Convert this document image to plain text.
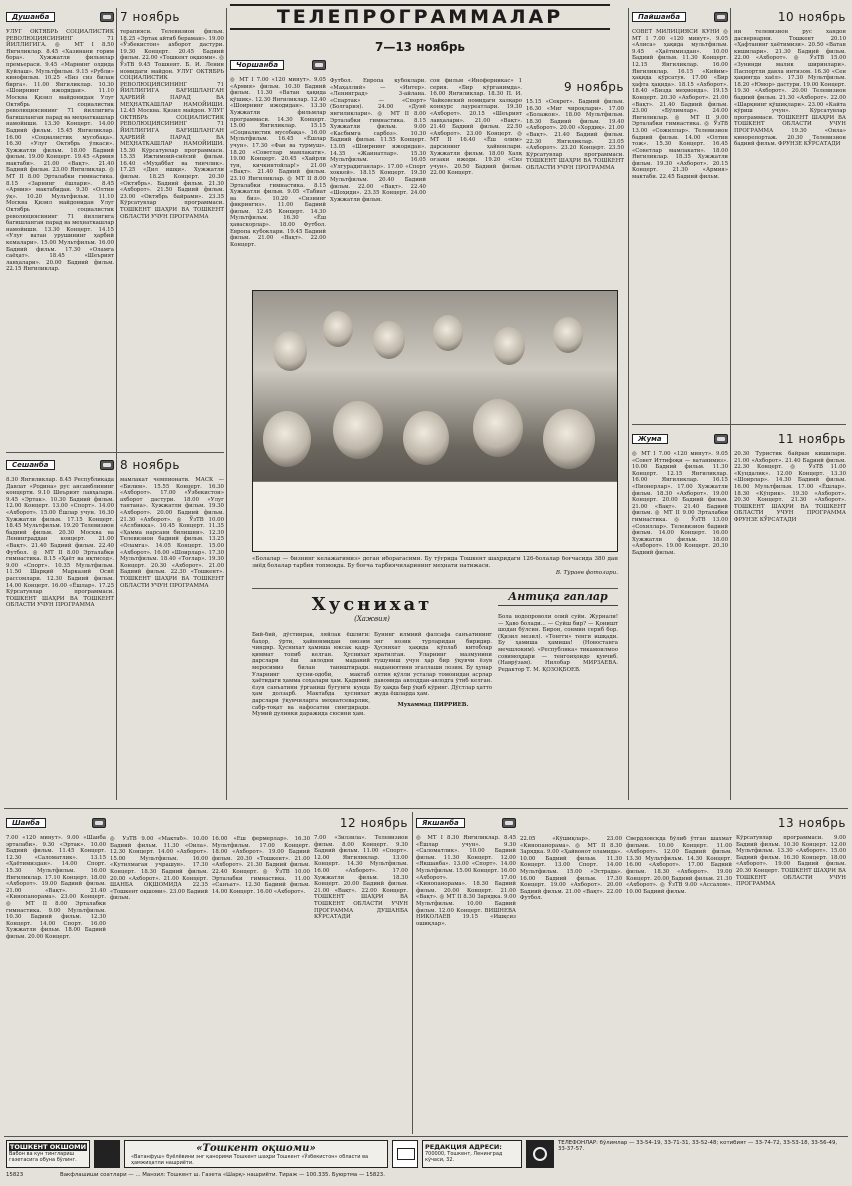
ТЕЛЕПРОГРАММАЛАР
7—13 ноябрь
Душанба
УЛУГ ОКТЯБРЬ СОЦИАЛИСТИК РЕВОЛЮЦИЯСИНИНГ 71 ЙИЛЛИГИГА. ◎ МТ I 8.50 Янгиликлар. 8.45 «Хазинани горим бора». Хужжатли фильмлар премьераси. 9.45 «Марнинг олдида Куйлаш». Мультфильм. 9.15 «Рубли» кинофильм. 10.25 «Биз сиз билан бирга». 11.00 Янгиликлар. 10.30 «Шоирнинг ижодидан». 11.10 Москва Қизил майдонидан Улуг Октябрь социалистик революциясининг 71 йиллигига багишланган парад ва меҳнаткашлар намойиши. 13.30 Концерт. 14.00 Бадиий фильм. 15.45 Янгиликлар. 16.00 «Социалистик мусобақа». 16.30 «Улуг Октябрь ўлкаси». Хужжатли фильм. 18.00 Бадиий фильм. 19.00 Концерт. 19.45 «Армия мактаби». 21.00 «Вақт». 21.40 Бадиий фильм. 23.00 Янгиликлар. ◎ МТ II 8.00 Эрталабки гимнастика. 8.15 «Зарнинг ёшлари». 8.45 «Армия» мактабидан. 9.30 «Олтин ўқ». 10.20 Мультфильм. 11.10 Москва Қизил майдонидан Улуг Октябрь социалистик революциясининг 71 йиллигига багишланган парад ва меҳнаткашлар намойиши. 13.30 Концерт. 14.15 «Улуғ ватан урушининг ҳарбий кемалари». 15.00 Мультфильм. 16.00 Бадиий фильм. 17.30 «Оламга саёҳат». 18.45 «Шеърият лавҳалари». 20.00 Бадиий фильм. 22.15 Янгиликлар.
7 ноябрь
терапияси. Телевизион фильм. 18.25 «Эртак айтиб бераман». 19.00 «Ўзбекистон» ахборот дастури. 19.30 Концерт. 20.45 Бадиий фильм. 22.00 «Тошкент оқшоми». ◎ ЎзТВ 9.45 Тошкент. Б. И. Ленин номидаги майдон. УЛУГ ОКТЯБРЬ СОЦИАЛИСТИК РЕВОЛЮЦИЯСИНИНГ 71 ЙИЛЛИГИГА БАҒИШЛАНГАН ҲАРБИЙ ПАРАД ВА МЕҲНАТКАШЛАР НАМОЙИШИ. 12.45 Москва. Қизил майдон. УЛУГ ОКТЯБРЬ СОЦИАЛИСТИК РЕВОЛЮЦИЯСИНИНГ 71 ЙИЛЛИГИГА БАҒИШЛАНГАН ҲАРБИЙ ПАРАД ВА МЕҲНАТКАШЛАР НАМОЙИШИ. 15.30 Кўрсатувлар программаси. 15.35 Ижтимоий-сиёсий фильм. 16.40 «Муҳаббат ва тинчлик». 17.25 «Дил ишқи». Хужжатли фильм. 18.25 Концерт. 20.30 «Октябрь». Бадиий фильм. 21.30 «Ахборот». 21.50 Бадиий фильм. 23.00 «Октябрь байрами». 23.35 Кўрсатувлар программаси. ТОШКЕНТ ШАҲРИ ВА ТОШКЕНТ ОБЛАСТИ УЧУН ПРОГРАММА
Сешанба
8.30 Янгиликлар. 8.45 Республикада Давлат «Родина» рус ансамблининг концерти. 9.10 Шеърият лавҳалари. 9.45 «Эртак». 10.30 Бадиий фильм. 12.00 Концерт. 13.00 «Спорт». 14.00 «Ахборот». 15.00 Ёшлар учун. 16.30 Хужжатли фильм. 17.15 Концерт. 18.45 Мультфильм. 19.20 Телевизион бадиий фильм. 20.30 Москва ва Ленинграддан концерт. 21.00 «Вақт». 21.40 Бадиий фильм. 22.40 Футбол. ◎ МТ II 8.00 Эрталабки гимнастика. 8.15 «Ҳаёт ва иқтисод». 9.00 «Спорт». 10.35 Мультфильм. 11.50 Шарқий Марказий Осиё рассомлари. 12.30 Бадиий фильм. 14.00 Концерт. 16.00 «Ёшлар». 17.25 Кўрсатувлар программаси. ТОШКЕНТ ШАҲРИ ВА ТОШКЕНТ ОБЛАСТИ УЧУН ПРОГРАММА
8 ноябрь
мамлакат чемпионати. МАСК — «Билим». 15.55 Концерт. 16.30 «Ахборот». 17.00 «Ўзбекистон» ахборот дастури. 18.00 «Улуг тантана». Хужжатли фильм. 19.30 «Ахборот». 20.00 Бадиий фильм. 21.30 «Ахборот». ◎ ЎзТВ 10.00 «Аслбикка». 10.45 Концерт. 11.35 «Ҳамма нарсани билишни». 12.30 Телевизион бадиий фильм. 13.25 «Оламга». 14.05 Концерт. 15.00 «Ахборот». 16.00 «Шоирлар». 17.30 Мультфильм. 18.40 «Тоғлар». 19.30 Концерт. 20.30 «Ахборот». 21.00 Бадиий фильм. 22.30 «Тошкент». ТОШКЕНТ ШАҲРИ ВА ТОШКЕНТ ОБЛАСТИ УЧУН ПРОГРАММА
Чоршанба
◎ МТ I 7.00 «120 минут». 9.05 «Армия» фильм. 10.30 Бадиий фильм. 11.30 «Ватан ҳақида қўшиқ». 12.30 Янгиликлар. 12.40 «Шоирнинг ижодидан». 13.30 Хужжатли фильмлар программаси. 14.30 Концерт. 15.00 Янгиликлар. 15.15 «Социалистик мусобақа». 16.00 Мультфильм. 16.45 «Ёшлар учун». 17.30 «Фан ва турмуш». 18.20 «Советлар мамлакати». 19.00 Концерт. 20.45 «Хайрли тун, кичкинтойлар!» 21.00 «Вақт». 21.40 Бадиий фильм. 23.10 Янгиликлар. ◎ МТ II 8.00 Эрталабки гимнастика. 8.15 Хужжатли фильм. 9.05 «Табиат ва биз». 10.20 «Сизнинг фикрингиз». 11.00 Бадиий фильм. 12.45 Концерт. 14.30 Мультфильм. 16.30 «Ёш ҳаваскорлар». 18.00 Футбол. Европа кубоклари. 19.45 Бадиий фильм. 21.00 «Вақт». 22.00 Концерт.
Футбол. Европа кубоклари. «Маҳаллий» — «Интер». «Ленинград» 3-айлана. «Спартак» — «Спорт» (Болгария). 24.00 «Дунё янгиликлари». ◎ МТ II 8.00 Эрталабки гимнастика. 8.15 Хужжатли фильм. 9.00 «Касбимга сарбоз». 10.30 Бадиий фильм. 11.55 Концерт. 13.05 «Шоирнинг ижодидан». 14.35 «Жаннатлар». 15.30 Мультфильм. 16.05 «Улгурадиганлар». 17.00 «Спорт хоккей». 18.15 Концерт. 19.30 Мультфильм. 20.40 Бадиий фильм. 22.00 «Вақт». 22.40 «Шоҳиди». 23.35 Концерт. 24.00 Хужжатли фильм.
сон фильм «Иноферникас» 1 серия. «Бир кўрганимда». 16.00 Янгиликлар. 18.30 П. И. Чайковский номидаги халқаро конкурс лауреатлари. 19.30 «Ахборот». 20.15 «Шеърият лавҳалари». 21.00 «Вақт». 21.40 Бадиий фильм. 22.50 «Ахборот». 23.00 Концерт. ◎ МТ II 16.40 «Ёш олим» дарсининг ҳайвонлари. Хужжатли фильм. 18.00 Халқ оғзаки ижоди. 19.20 «Сиз учун». 20.50 Бадиий фильм. 22.00 Концерт.
9 ноябрь
15.15 «Секрет». Бадиий фильм. 16.30 «Миг чироқлари». 17.00 «Болажон». 18.00 Мультфильм. 18.30 Бадиий фильм. 19.40 «Ахборот». 20.00 «Хордиқ». 21.00 «Вақт». 21.40 Бадиий фильм. 22.30 Янгиликлар. 23.05 «Ахборот». 23.20 Концерт. 23.50 Кўрсатувлар программаси. ТОШКЕНТ ШАҲРИ ВА ТОШКЕНТ ОБЛАСТИ УЧУН ПРОГРАММА
«Болалар — бизнинг келажагимиз» деган иборагасими. Бу тўғрида Тошкент шаҳридаги 126-болалар боғчасида 380 дан зиёд болалар тарбия топмоқда. Бу боғча тарбиячиларининг меҳнати натижаси.
В. Тўраев фотолари.
Хуснихат
(Хажвия)
Бий-бий, дўстинрак, ляйлак ёшлиги: баҳор, ўрти, ҳайвонмидан овозим чиндир. Ҳуснихат ҳамиша юксак қадр-қиммат топиб келган. Ҳуснихат дарслари ёш авлодни маданий меросимиз билан таништиради. Уларнинг ҳусни-одоби, мактаб ҳаётидаги ҳамма соҳалари ҳам. Қадимий ёзув санъатини ўрганиш бугунги кунда ҳам долзарб. Мактабда ҳуснихат дарслари ўқувчиларга меҳнатсеварлик, сабр-тоқат ва нафосатни сингдиради. Мумий дулинки даражида сюсини ҳам.
Бунинг илмиий фалсафа санъатининг энг нозик турларидан биридир. Ҳуснихат ҳақида кўплаб китоблар яратилган. Уларнинг мазмунини тушуниш учун ҳар бир ўқувчи ёзув маданиятини эгаллаши лозим. Бу ҳунар олтин қўлли усталар томонидан асрлар давомида авлоддан-авлодга ўтиб келган. Бу ҳақда бир ўқиб кўринг. Дўстлар ҳатто жуда ёшларда ҳам.
Мухаммад ПИРРИЕВ.
Антиқа гаплар
Бола водопроволи олий суйи. Журнали! — Ҳаво болади... — Суйш бир? — Қоништ шодан бўлсин. Бирон, сонмин сериб бор. (Қизил мезил). «Тонгги» тенги ишқади. Бу ҳамиша ҳамиша! (Новостанга мечшлоким). «Республика» тикамоилмоо совимоҳдари — тенгоиҳоидо қувчиб. (Наврўзам). Нилобар МИРЗАЕВА. Редактор Т. М. ҚОЗОҚБОЕВ.
Пайшанба
СОВЕТ МИЛИЦИЯСИ КУНИ ◎ МТ I 7.00 «120 минут». 9.05 «Алиса» ҳақида мультфильм. 9.45 «Ҳаётимиздан». 10.00 Бадиий фильм. 11.30 Концерт. 12.15 Янгиликлар. 16.00 Янгиликлар. 16.15 «Кийим» ҳақида кўрсатув. 17.00 «Бир ҳафта ҳақида». 18.15 «Ахборот». 18.40 «Бизда меҳмонда». 19.15 Концерт. 20.30 «Ахборот». 21.00 «Вақт». 21.40 Бадиий фильм. 23.00 «Бўлимлар». 24.00 Янгиликлар. ◎ МТ II 9.00 Эрталабки гимнастика. ◎ ЎзТВ 13.00 «Сожиллар». Телевизион бадиий фильм. 14.00 «Олтин тож». 15.30 Концерт. 16.45 «Советлар мамлакати». 18.00 Янгиликлар. 18.35 Хужжатли фильм. 19.30 «Ахборот». 20.15 Концерт. 21.30 «Армия» мактаби. 22.45 Бадиий фильм.
10 ноябрь
ни телевизион рус хандон дасвернарни. Тошкент 20.10 «Ҳафтанинг ҳаётимизи». 20.50 «Ватан кишилари». 21.30 Бадиий фильм. 22.00 «Ахборот». ◎ ЎзТВ 15.00 «Зунинди малик ширинлари». Паспортли давла интизом. 16.30 «Сен ҳақингда хаёл». 17.30 Мультфильм. 18.20 «Юмор» дастури. 19.00 Концерт. 19.30 «Ахборот». 20.00 Телевизион бадиий фильм. 21.30 «Ахборот». 22.00 «Шарқнинг қўшиқлари». 23.00 «Кайта кўриш учун». Кўрсатувлар программаси. ТОШКЕНТ ШАҲРИ ВА ТОШКЕНТ ОБЛАСТИ УЧУН ПРОГРАММА 19.30 «Оила» кинорепортаж. 20.30 Телевизион бадиий фильм. ФРУНЗЕ КЎРСАТАДИ
Жума
◎ МТ I 7.00 «120 минут». 9.05 «Совет Иттифоқи — ватанимиз». 10.00 Бадиий фильм. 11.30 Концерт. 12.15 Янгиликлар. 16.00 Янгиликлар. 16.15 «Пионерлар». 17.00 Хужжатли фильм. 18.30 «Ахборот». 19.00 Концерт. 20.00 Бадиий фильм. 21.00 «Вақт». 21.40 Бадиий фильм. ◎ МТ II 9.00 Эрталабки гимнастика. ◎ ЎзТВ 13.00 «Сохиллар». Телевизион бадиий фильм. 14.00 Концерт. 16.00 Хужжатли фильм. 18.00 «Ахборот». 19.00 Концерт. 20.30 Бадиий фильм.
11 ноябрь
20.30 Туристик байрам кишилари. 21.00 «Ахборот». 21.40 Бадиий фильм. 22.30 Концерт. ◎ ЎзТВ 11.00 «Кундалик». 12.00 Концерт. 13.30 «Шоирлар». 14.30 Бадиий фильм. 16.00 Мультфильм. 17.00 «Ёшлар». 18.30 «Кўприк». 19.30 «Ахборот». 20.30 Концерт. 21.30 «Ахборот». ТОШКЕНТ ШАҲРИ ВА ТОШКЕНТ ОБЛАСТИ УЧУН ПРОГРАММА ФРУНЗЕ КЎРСАТАДИ
Шанба
7.00 «120 минут». 9.00 «Шанба эрталаби». 9.30 «Эртак». 10.00 Бадиий фильм. 11.45 Концерт. 12.30 «Саломатлик». 13.15 «Ҳаётимиздан». 14.00 Спорт. 15.30 Мультфильм. 16.00 Янгиликлар. 17.10 Концерт. 18.00 «Ахборот». 19.00 Бадиий фильм. 21.00 «Вақт». 21.40 «Кинопанорама». 23.00 Концерт. ◎ МТ II 8.00 Эрталабки гимнастика. 9.00 Мультфильм. 10.30 Бадиий фильм. 12.30 Концерт. 14.00 Спорт. 16.00 Хужжатли фильм. 18.00 Бадиий фильм. 20.00 Концерт.
◎ ЎзТВ 9.00 «Мактаб». 10.00 Бадиий фильм. 11.30 «Оила». 12.30 Концерт. 14.00 «Ахборот». 15.00 Мультфильм. 16.00 «Кутилмаган учрашув». 17.30 Концерт. 18.30 Бадиий фильм. 20.00 «Ахборот». 21.00 Концерт. ШАНБА ОҚШОМИДА 22.35 «Тошкент оқшоми». 23.00 Бадиий фильм.
16.00 «Ёш фермерлар». 16.30 Мультфильм. 17.00 Концерт. 18.00 «Ахборот». 19.00 Бадиий фильм. 20.30 «Тошкент». 21.00 «Ахборот». 21.30 Бадиий фильм. 22.40 Концерт. ◎ ЎзТВ 10.00 Эрталабки гимнастика. 11.00 «Санъат». 12.30 Бадиий фильм. 14.00 Концерт. 16.00 «Ахборот».
12 ноябрь
7.00 «Зилзила». Телевизион фильм. 8.00 Концерт. 9.30 Бадиий фильм. 11.00 «Спорт». 12.00 Янгиликлар. 13.00 Концерт. 14.30 Мультфильм. 16.00 «Ахборот». 17.00 Хужжатли фильм. 18.30 Концерт. 20.00 Бадиий фильм. 21.00 «Вақт». 22.00 Концерт. ТОШКЕНТ ШАҲРИ ВА ТОШКЕНТ ОБЛАСТИ УЧУН ПРОГРАММА ДУШАНБА КЎРСАТАДИ
Якшанба
◎ МТ I 8.30 Янгиликлар. 8.45 «Ёшлар учун». 9.30 «Саломатлик». 10.00 Бадиий фильм. 11.30 Концерт. 12.00 «Якшанба». 13.00 «Спорт». 14.00 Мультфильм. 15.00 Концерт. 16.00 «Ахборот». 17.00 «Кинопанорама». 18.30 Бадиий фильм. 20.00 Концерт. 21.00 «Вақт». ◎ МТ II 8.30 Зарядка. 9.00 Мультфильм. 10.00 Бадиий фильм. 12.00 Концерт. ВИШНЕВА НИКОЛАЕВ 19.15 «Ишқсиз ошиқлар».
22.05 «Кўшиқлар». 23.00 «Кинопанорама». ◎ МТ II 8.30 Зарядка. 9.00 «Ҳайвонот оламида». 10.00 Бадиий фильм. 11.30 Концерт. 13.00 Спорт. 14.00 Мультфильм. 15.00 «Эстрада». 16.00 Бадиий фильм. 17.30 Концерт. 19.00 «Ахборот». 20.00 Бадиий фильм. 21.00 «Вақт». 22.00 Футбол.
Свердловскда бўлиб ўтган шахмат фильми. 10.00 Концерт. 11.00 «Ахборот». 12.00 Бадиий фильм. 13.30 Мультфильм. 14.30 Концерт. 16.00 «Ахборот». 17.00 Бадиий фильм. 18.30 «Ахборот». 19.00 Концерт. 20.00 Бадиий фильм. 21.30 «Ахборот». ◎ ЎзТВ 9.00 «Ассалом». 10.00 Бадиий фильм.
13 ноябрь
Кўрсатувлар программаси. 9.00 Бадиий фильм. 10.30 Концерт. 12.00 Мультфильм. 13.30 «Ахборот». 15.00 Бадиий фильм. 16.30 Концерт. 18.00 «Ахборот». 19.00 Бадиий фильм. 20.30 Концерт. ТОШКЕНТ ШАҲРИ ВА ТОШКЕНТ ОБЛАСТИ УЧУН ПРОГРАММА
ТОШКЕНТ ОКШОМИ
Вабон ва кун тинглариш газетасига обуна бўлинг.
«Тошкент оқшоми»
«Ватанфуш» буёлёвини энг қанорими Тошкент шаҳри Тошкент «Ўзбекистон» области ва ҳамжиҳатли нашриёти.
РЕДАКЦИЯ АДРЕСИ:
700000, Тошкент, Ленинград кўчаси, 32.
ТЕЛЕФОНЛАР: бўлимлар — 33-54-19, 33-71-31, 33-52-48; котибият — 33-74-72, 33-53-18, 33-56-49, 33-37-57.
Вакфлашиши соатлари — ... Манзил: Тошкент ш. Газета «Шарқ» нашриёти. Тираж — 100.335. Буюртма — 15823.
15823
